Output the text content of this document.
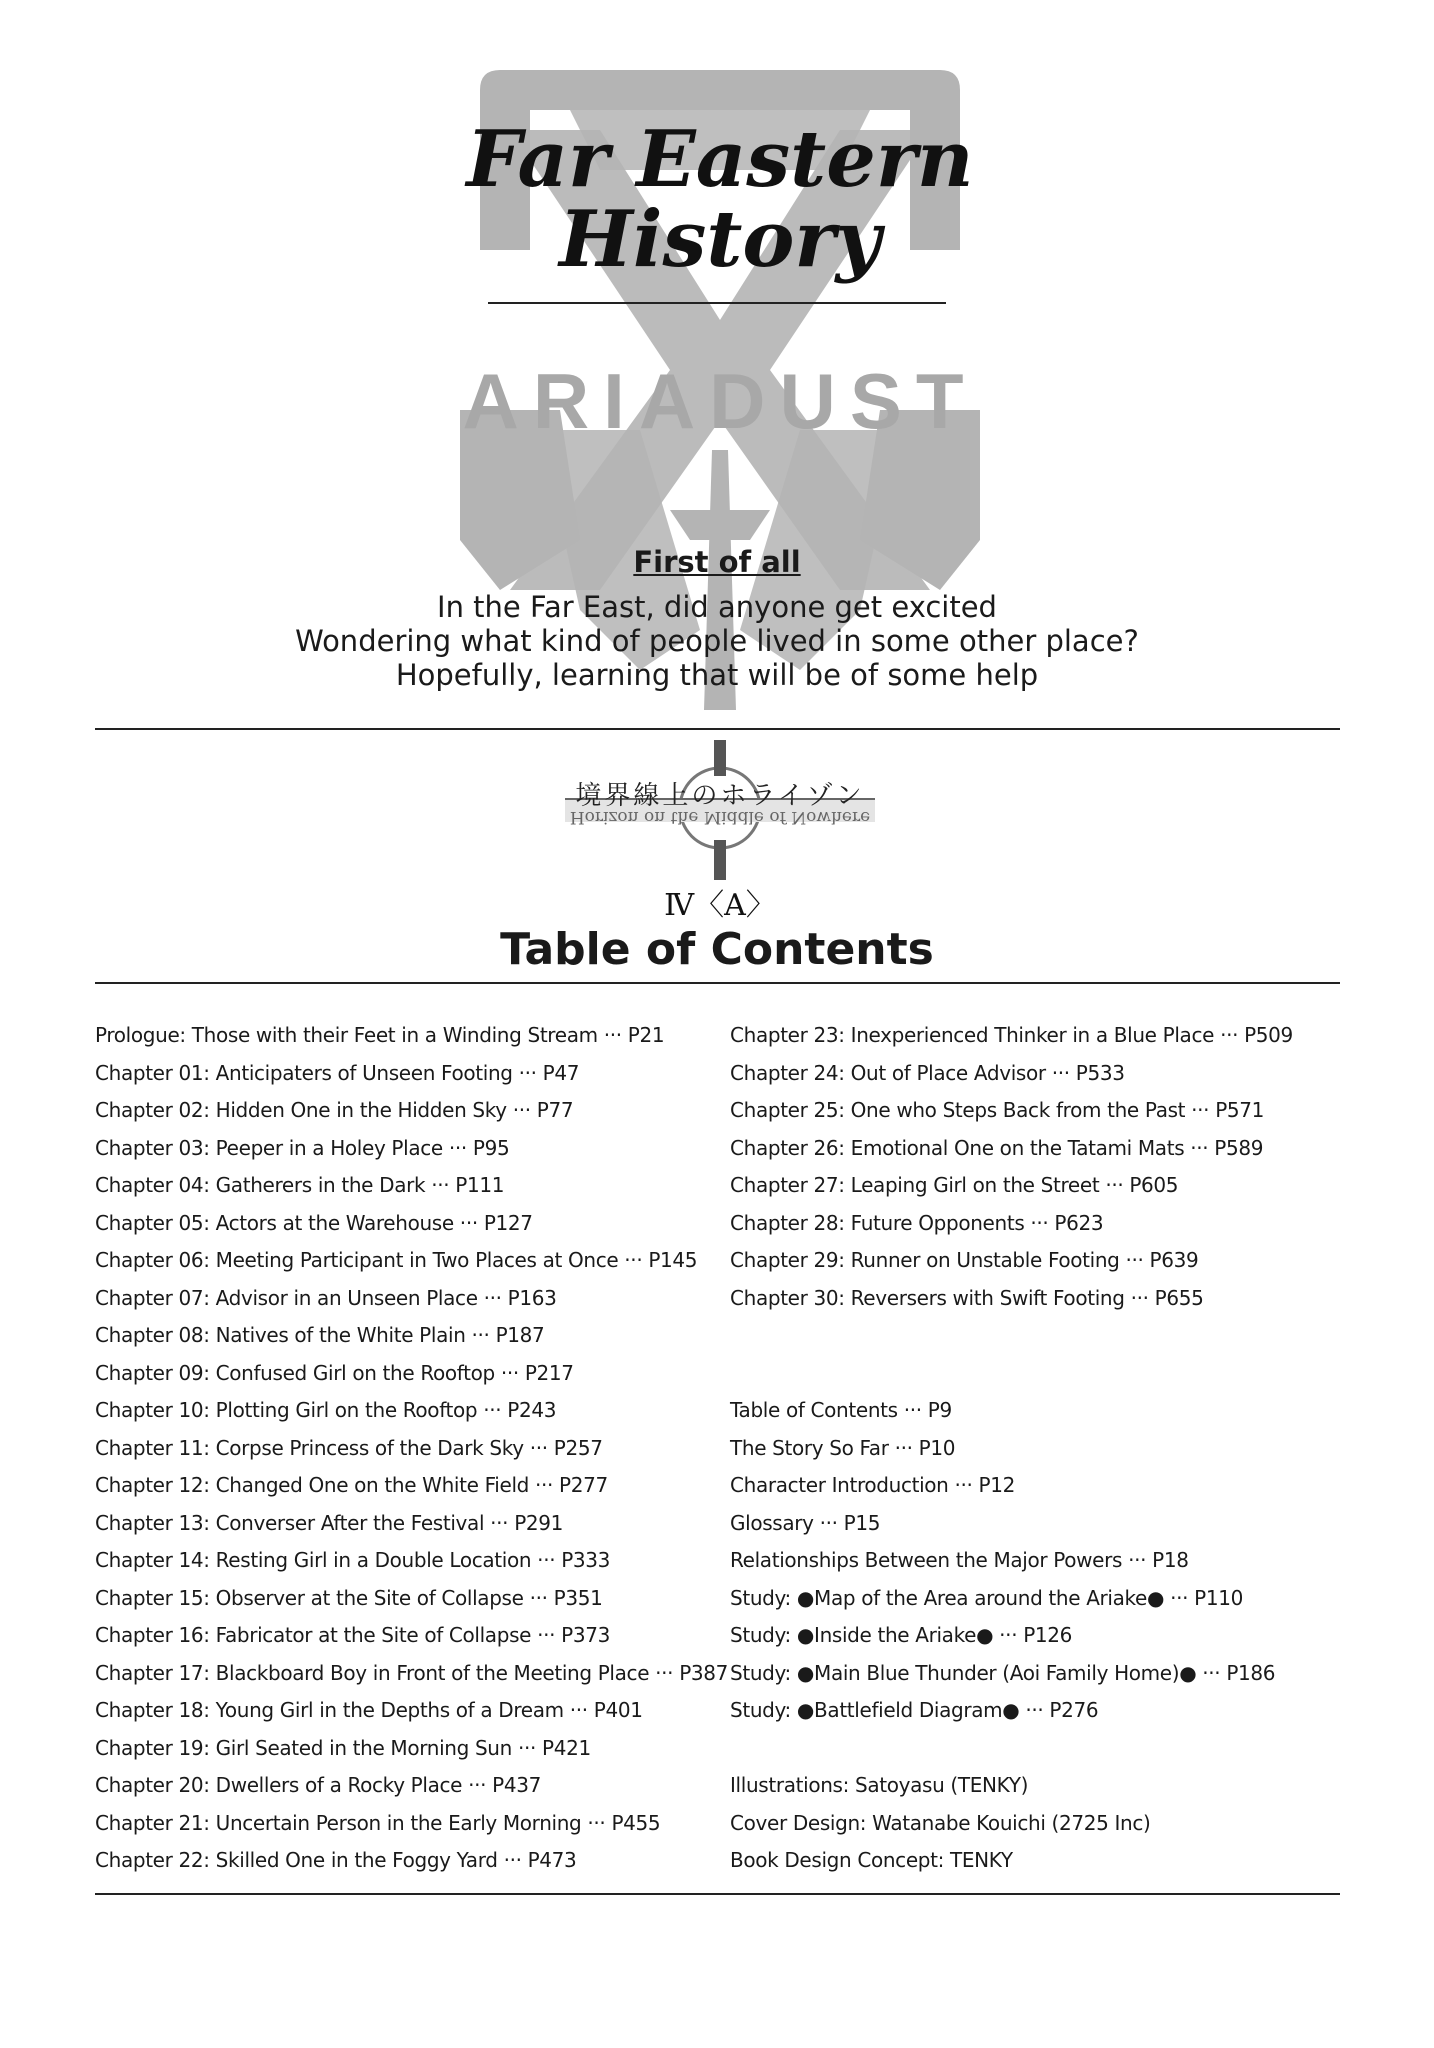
Far Eastern
History
ARIADUST

First of all

In the Far East, did anyone get excited

Wondering what kind of people lived in some other place?

Hopefully, learning that will be of some help

境界線上のホライゾン
Horizon on the Middle of Nowhere
Ⅳ〈A〉
Table of Contents
Prologue: Those with their Feet in a Winding Stream ··· P21
Chapter 01: Anticipaters of Unseen Footing ··· P47
Chapter 02: Hidden One in the Hidden Sky ··· P77
Chapter 03: Peeper in a Holey Place ··· P95
Chapter 04: Gatherers in the Dark ··· P111
Chapter 05: Actors at the Warehouse ··· P127
Chapter 06: Meeting Participant in Two Places at Once ··· P145
Chapter 07: Advisor in an Unseen Place ··· P163
Chapter 08: Natives of the White Plain ··· P187
Chapter 09: Confused Girl on the Rooftop ··· P217
Chapter 10: Plotting Girl on the Rooftop ··· P243
Chapter 11: Corpse Princess of the Dark Sky ··· P257
Chapter 12: Changed One on the White Field ··· P277
Chapter 13: Converser After the Festival ··· P291
Chapter 14: Resting Girl in a Double Location ··· P333
Chapter 15: Observer at the Site of Collapse ··· P351
Chapter 16: Fabricator at the Site of Collapse ··· P373
Chapter 17: Blackboard Boy in Front of the Meeting Place ··· P387
Chapter 18: Young Girl in the Depths of a Dream ··· P401
Chapter 19: Girl Seated in the Morning Sun ··· P421
Chapter 20: Dwellers of a Rocky Place ··· P437
Chapter 21: Uncertain Person in the Early Morning ··· P455
Chapter 22: Skilled One in the Foggy Yard ··· P473
Chapter 23: Inexperienced Thinker in a Blue Place ··· P509
Chapter 24: Out of Place Advisor ··· P533
Chapter 25: One who Steps Back from the Past ··· P571
Chapter 26: Emotional One on the Tatami Mats ··· P589
Chapter 27: Leaping Girl on the Street ··· P605
Chapter 28: Future Opponents ··· P623
Chapter 29: Runner on Unstable Footing ··· P639
Chapter 30: Reversers with Swift Footing ··· P655
Table of Contents ··· P9
The Story So Far ··· P10
Character Introduction ··· P12
Glossary ··· P15
Relationships Between the Major Powers ··· P18
Study: ●Map of the Area around the Ariake● ··· P110
Study: ●Inside the Ariake● ··· P126
Study: ●Main Blue Thunder (Aoi Family Home)● ··· P186
Study: ●Battlefield Diagram● ··· P276
Illustrations: Satoyasu (TENKY)
Cover Design: Watanabe Kouichi (2725 Inc)
Book Design Concept: TENKY
